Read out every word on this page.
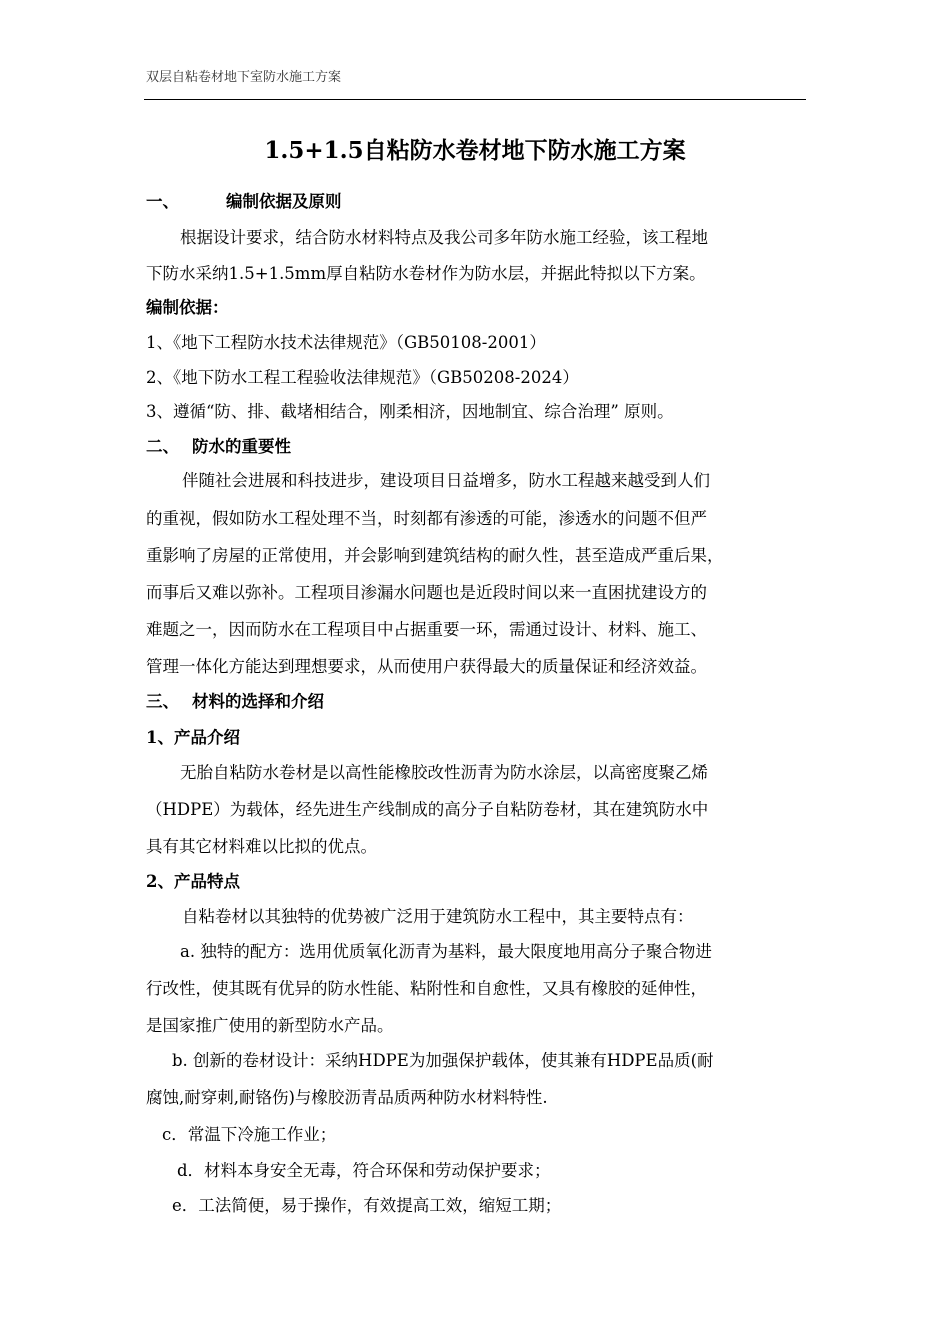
双层自粘卷材地下室防水施工方案
1.5+1.5自粘防水卷材地下防水施工方案
一、	编制依据及原则
根据设计要求，结合防水材料特点及我公司多年防水施工经验，该工程地
下防水采纳1.5+1.5mm厚自粘防水卷材作为防水层，并据此特拟以下方案。
编制依据：
1、《地下工程防水技术法律规范》（GB50108-2001）
2、《地下防水工程工程验收法律规范》（GB50208-2024）
3、遵循“防、排、截堵相结合，刚柔相济，因地制宜、综合治理” 原则。
二、 防水的重要性
伴随社会进展和科技进步，建设项目日益增多，防水工程越来越受到人们
的重视，假如防水工程处理不当，时刻都有渗透的可能，渗透水的问题不但严
重影响了房屋的正常使用，并会影响到建筑结构的耐久性，甚至造成严重后果，
而事后又难以弥补。工程项目渗漏水问题也是近段时间以来一直困扰建设方的
难题之一，因而防水在工程项目中占据重要一环，需通过设计、材料、施工、
管理一体化方能达到理想要求，从而使用户获得最大的质量保证和经济效益。
三、 材料的选择和介绍
1、产品介绍
无胎自粘防水卷材是以高性能橡胶改性沥青为防水涂层，以高密度聚乙烯
（HDPE）为载体，经先进生产线制成的高分子自粘防卷材，其在建筑防水中
具有其它材料难以比拟的优点。
2、产品特点
自粘卷材以其独特的优势被广泛用于建筑防水工程中，其主要特点有：
a. 独特的配方：选用优质氧化沥青为基料，最大限度地用高分子聚合物进
行改性，使其既有优异的防水性能、粘附性和自愈性，又具有橡胶的延伸性，
是国家推广使用的新型防水产品。
b. 创新的卷材设计：采纳HDPE为加强保护载体，使其兼有HDPE品质(耐
腐蚀,耐穿刺,耐铬伤)与橡胶沥青品质两种防水材料特性.
c．常温下冷施工作业；
d．材料本身安全无毒，符合环保和劳动保护要求；
e．工法简便，易于操作，有效提高工效，缩短工期；
